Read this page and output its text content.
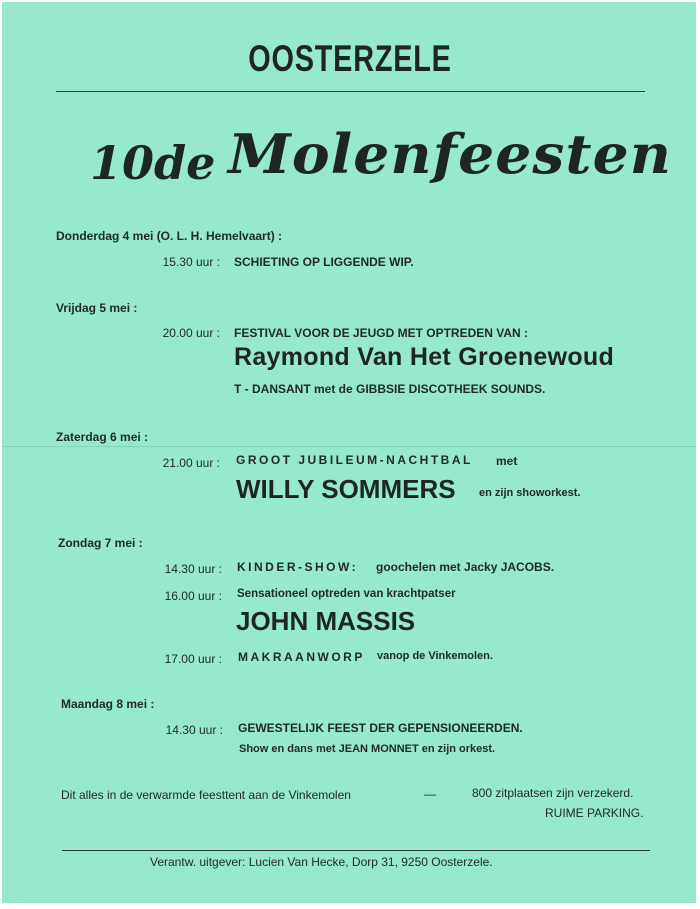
OOSTERZELE
10de Molenfeesten
Donderdag 4 mei (O. L. H. Hemelvaart) :
15.30 uur : SCHIETING OP LIGGENDE WIP.
Vrijdag 5 mei :
20.00 uur : FESTIVAL VOOR DE JEUGD MET OPTREDEN VAN :
Raymond Van Het Groenewoud
T - DANSANT met de GIBBSIE DISCOTHEEK SOUNDS.
Zaterdag 6 mei :
21.00 uur : GROOT JUBILEUM-NACHTBAL met
WILLY SOMMERS en zijn showorkest.
Zondag 7 mei :
14.30 uur : KINDER-SHOW: goochelen met Jacky JACOBS.
16.00 uur : Sensationeel optreden van krachtpatser
JOHN MASSIS
17.00 uur : MAKRAANWORP vanop de Vinkemolen.
Maandag 8 mei :
14.30 uur : GEWESTELIJK FEEST DER GEPENSIONEERDEN.
Show en dans met JEAN MONNET en zijn orkest.
Dit alles in de verwarmde feesttent aan de Vinkemolen	—	800 zitplaatsen zijn verzekerd.
RUIME PARKING.
Verantw. uitgever: Lucien Van Hecke, Dorp 31, 9250 Oosterzele.
